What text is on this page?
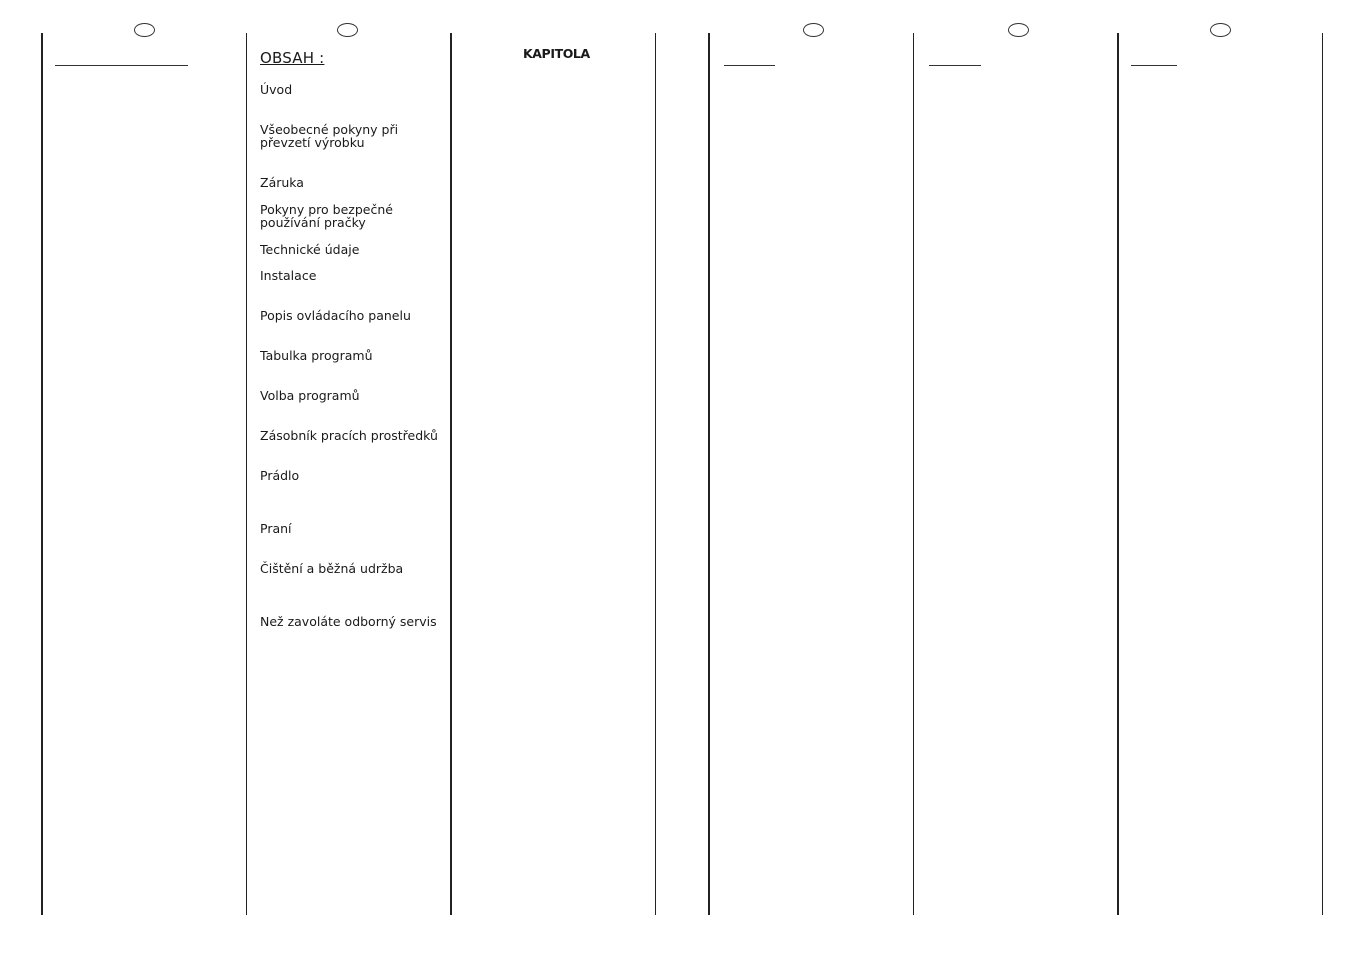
OBSAH :
Úvod
Všeobecné pokyny při převzetí výrobku
Záruka
Pokyny pro bezpečné používání pračky
Technické údaje
Instalace
Popis ovládacího panelu
Tabulka programů
Volba programů
Zásobník pracích prostředků
Prádlo
Praní
Čištění a běžná udržba
Než zavoláte odborný servis
KAPITOLA
